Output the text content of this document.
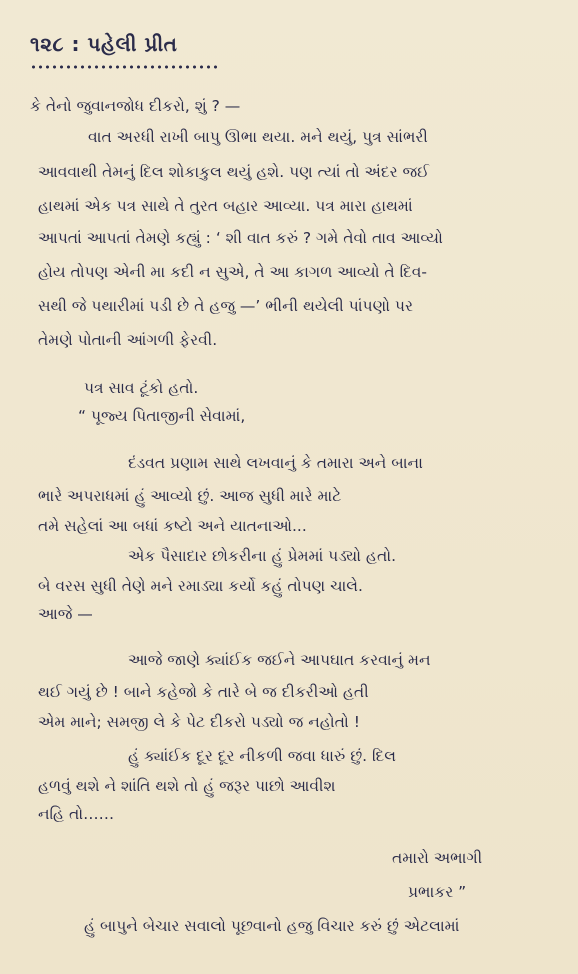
૧૨૮ : પહેલી પ્રીત
કે તેનો જુવાનજોધ દીકરો, શું ? —
વાત અરધી રાખી બાપુ ઊભા થયા. મને થયું, પુત્ર સાંભરી
આવવાથી તેમનું દિલ શોકાકુલ થયું હશે. પણ ત્યાં તો અંદર જઈ
હાથમાં એક પત્ર સાથે તે તુરત બહાર આવ્યા. પત્ર મારા હાથમાં
આપતાં આપતાં તેમણે કહ્યું : ‘ શી વાત કરું ? ગમે તેવો તાવ આવ્યો
હોય તોપણ એની મા કદી ન સુએ, તે આ કાગળ આવ્યો તે દિવ-
સથી જે પથારીમાં પડી છે તે હજુ —’ ભીની થયેલી પાંપણો પર
તેમણે પોતાની આંગળી ફેરવી.
પત્ર સાવ ટૂંકો હતો.
“ પૂજ્ય પિતાજીની સેવામાં,
દંડવત પ્રણામ સાથે લખવાનું કે તમારા અને બાના
ભારે અપરાધમાં હું આવ્યો છું. આજ સુધી મારે માટે
તમે સહેલાં આ બધાં કષ્ટો અને યાતનાઓ...
એક પૈસાદાર છોકરીના હું પ્રેમમાં પડ્યો હતો.
બે વરસ સુધી તેણે મને રમાડ્યા કર્યો કહું તોપણ ચાલે.
આજે —
આજે જાણે ક્યાંઈક જઈને આપઘાત કરવાનું મન
થઈ ગયું છે ! બાને કહેજો કે તારે બે જ દીકરીઓ હતી
એમ માને; સમજી લે કે પેટ દીકરો પડ્યો જ નહોતો !
હું ક્યાંઈક દૂર દૂર નીકળી જવા ધારું છું. દિલ
હળવું થશે ને શાંતિ થશે તો હું જરૂર પાછો આવીશ
નહિ તો……
તમારો અભાગી
પ્રભાકર ”
હું બાપુને બેચાર સવાલો પૂછવાનો હજુ વિચાર કરું છું એટલામાં
